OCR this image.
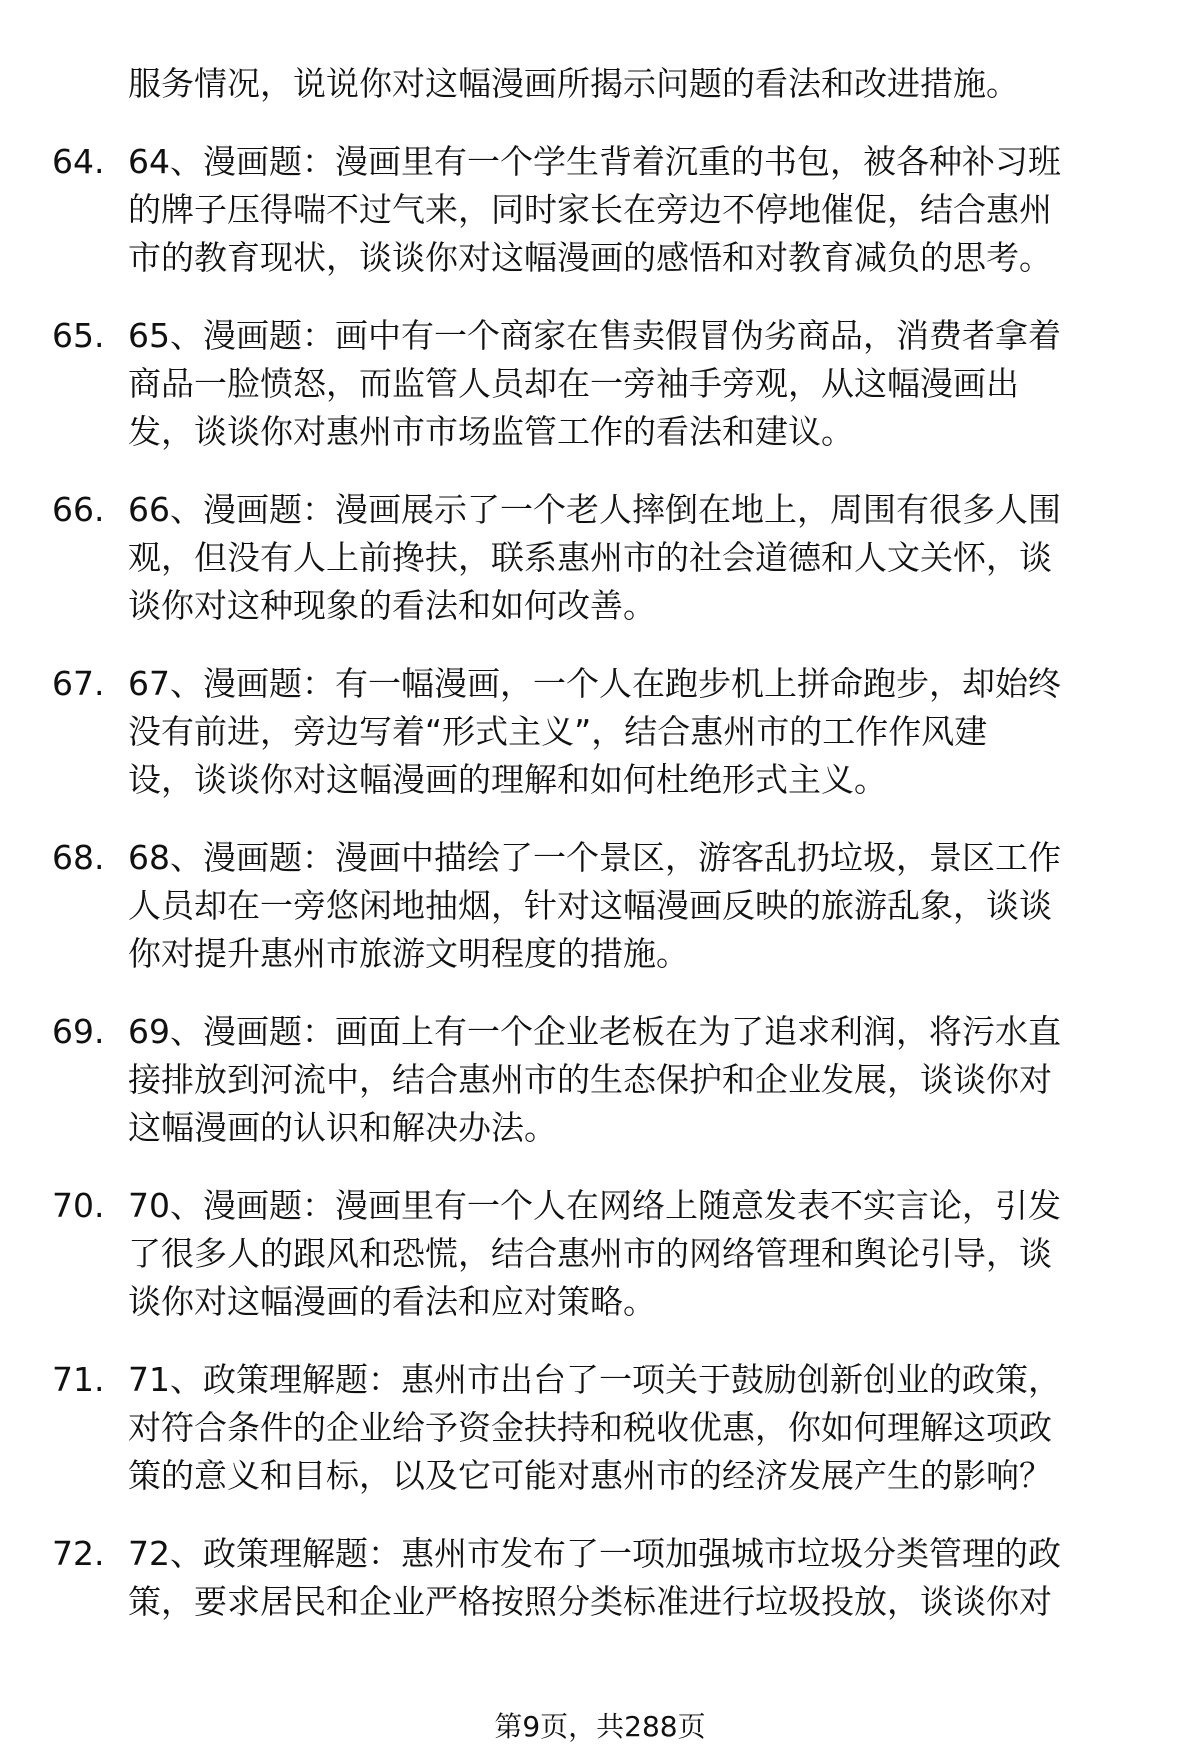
服务情况，说说你对这幅漫画所揭示问题的看法和改进措施。
64. 64、漫画题：漫画里有一个学生背着沉重的书包，被各种补习班
的牌子压得喘不过气来，同时家长在旁边不停地催促，结合惠州
市的教育现状，谈谈你对这幅漫画的感悟和对教育减负的思考。
65. 65、漫画题：画中有一个商家在售卖假冒伪劣商品，消费者拿着
商品一脸愤怒，而监管人员却在一旁袖手旁观，从这幅漫画出
发，谈谈你对惠州市市场监管工作的看法和建议。
66. 66、漫画题：漫画展示了一个老人摔倒在地上，周围有很多人围
观，但没有人上前搀扶，联系惠州市的社会道德和人文关怀，谈
谈你对这种现象的看法和如何改善。
67. 67、漫画题：有一幅漫画，一个人在跑步机上拼命跑步，却始终
没有前进，旁边写着“形式主义”，结合惠州市的工作作风建
设，谈谈你对这幅漫画的理解和如何杜绝形式主义。
68. 68、漫画题：漫画中描绘了一个景区，游客乱扔垃圾，景区工作
人员却在一旁悠闲地抽烟，针对这幅漫画反映的旅游乱象，谈谈
你对提升惠州市旅游文明程度的措施。
69. 69、漫画题：画面上有一个企业老板在为了追求利润，将污水直
接排放到河流中，结合惠州市的生态保护和企业发展，谈谈你对
这幅漫画的认识和解决办法。
70. 70、漫画题：漫画里有一个人在网络上随意发表不实言论，引发
了很多人的跟风和恐慌，结合惠州市的网络管理和舆论引导，谈
谈你对这幅漫画的看法和应对策略。
71. 71、政策理解题：惠州市出台了一项关于鼓励创新创业的政策，
对符合条件的企业给予资金扶持和税收优惠，你如何理解这项政
策的意义和目标，以及它可能对惠州市的经济发展产生的影响？
72. 72、政策理解题：惠州市发布了一项加强城市垃圾分类管理的政
策，要求居民和企业严格按照分类标准进行垃圾投放，谈谈你对
第9页，共288页
